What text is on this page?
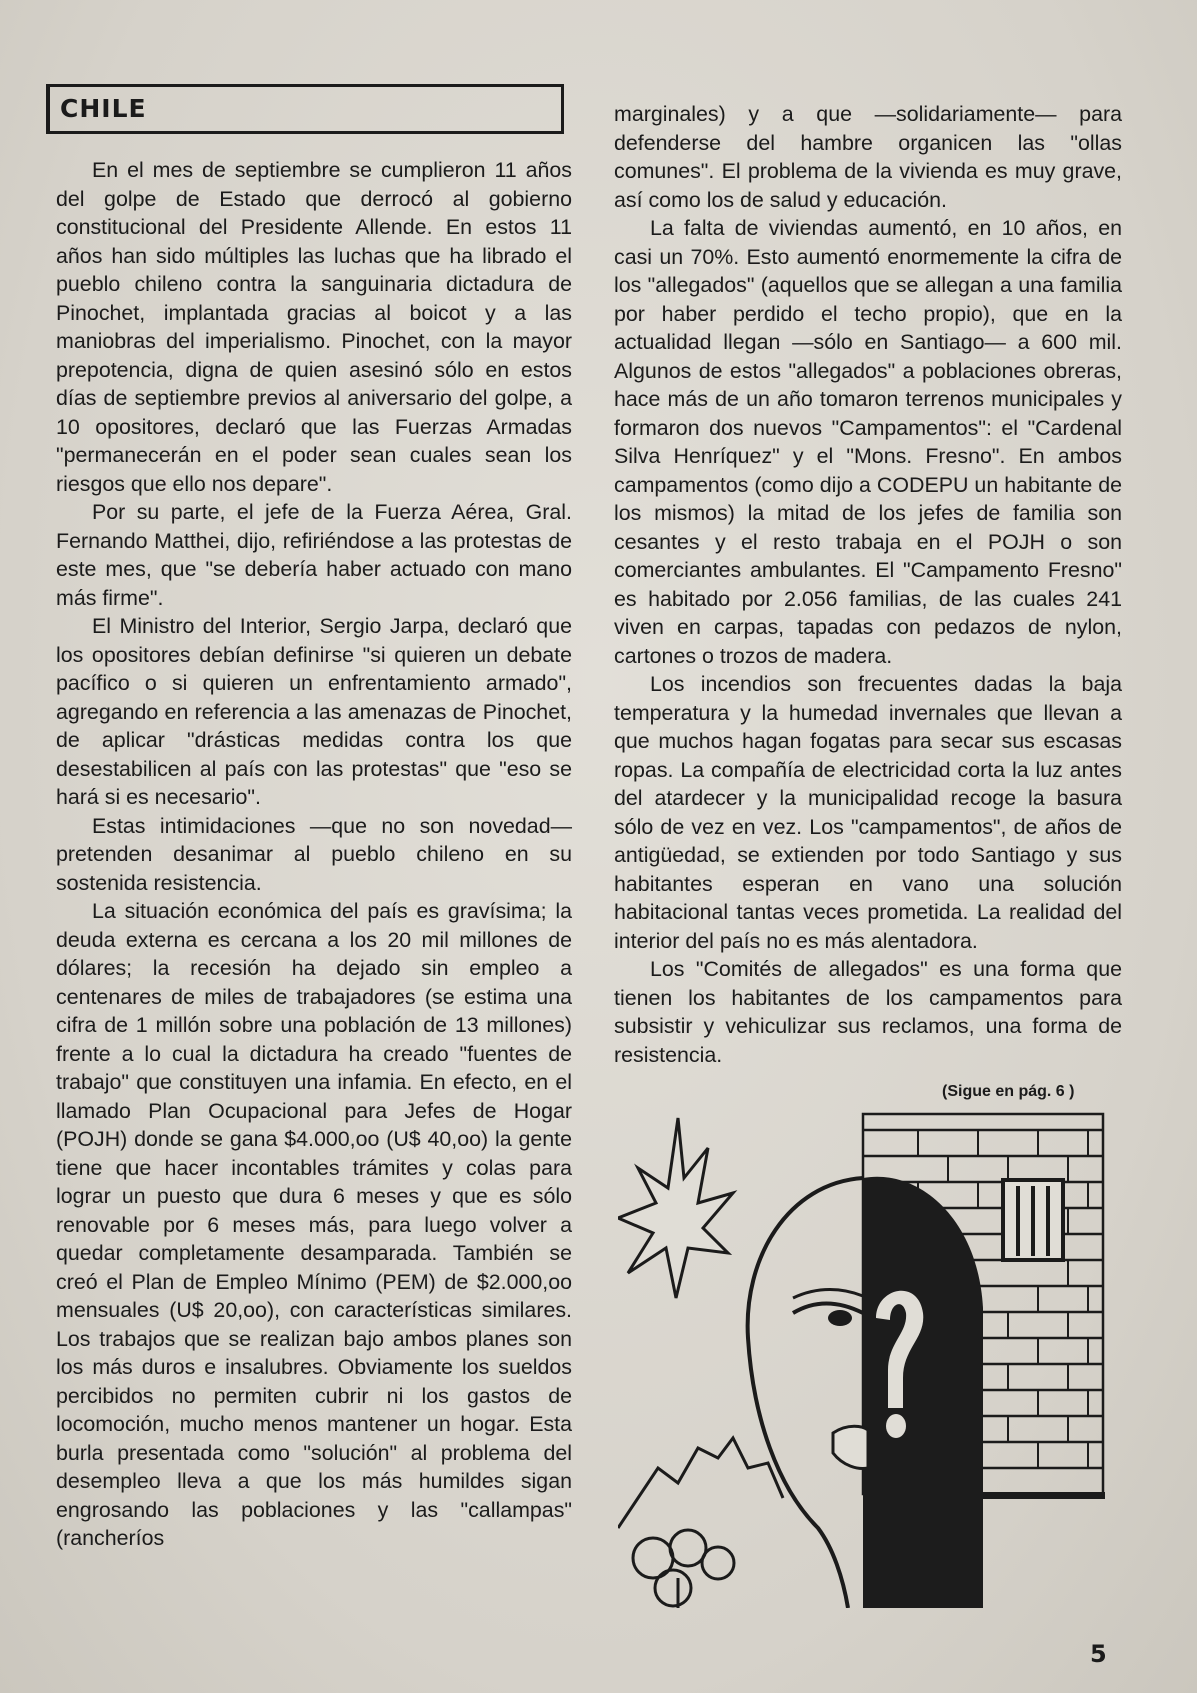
CHILE

En el mes de septiembre se cumplieron 11 años del golpe de Estado que derrocó al gobierno constitucional del Presidente Allende. En estos 11 años han sido múltiples las luchas que ha librado el pueblo chileno contra la sanguinaria dictadura de Pinochet, implantada gracias al boicot y a las maniobras del imperialismo. Pinochet, con la mayor prepotencia, digna de quien asesinó sólo en estos días de septiembre previos al aniversario del golpe, a 10 opositores, declaró que las Fuerzas Armadas "permanecerán en el poder sean cuales sean los riesgos que ello nos depare".

Por su parte, el jefe de la Fuerza Aérea, Gral. Fernando Matthei, dijo, refiriéndose a las protestas de este mes, que "se debería haber actuado con mano más firme".

El Ministro del Interior, Sergio Jarpa, declaró que los opositores debían definirse "si quieren un debate pacífico o si quieren un enfrentamiento armado", agregando en referencia a las amenazas de Pinochet, de aplicar "drásticas medidas contra los que desestabilicen al país con las protestas" que "eso se hará si es necesario".

Estas intimidaciones —que no son novedad— pretenden desanimar al pueblo chileno en su sostenida resistencia.

La situación económica del país es gravísima; la deuda externa es cercana a los 20 mil millones de dólares; la recesión ha dejado sin empleo a centenares de miles de trabajadores (se estima una cifra de 1 millón sobre una población de 13 millones) frente a lo cual la dictadura ha creado "fuentes de trabajo" que constituyen una infamia. En efecto, en el llamado Plan Ocupacional para Jefes de Hogar (POJH) donde se gana $4.000,oo (U$ 40,oo) la gente tiene que hacer incontables trámites y colas para lograr un puesto que dura 6 meses y que es sólo renovable por 6 meses más, para luego volver a quedar completamente desamparada. También se creó el Plan de Empleo Mínimo (PEM) de $2.000,oo mensuales (U$ 20,oo), con características similares. Los trabajos que se realizan bajo ambos planes son los más duros e insalubres. Obviamente los sueldos percibidos no permiten cubrir ni los gastos de locomoción, mucho menos mantener un hogar. Esta burla presentada como "solución" al problema del desempleo lleva a que los más humildes sigan engrosando las poblaciones y las "callampas" (rancheríos

marginales) y a que —solidariamente— para defenderse del hambre organicen las "ollas comunes". El problema de la vivienda es muy grave, así como los de salud y educación.

La falta de viviendas aumentó, en 10 años, en casi un 70%. Esto aumentó enormemente la cifra de los "allegados" (aquellos que se allegan a una familia por haber perdido el techo propio), que en la actualidad llegan —sólo en Santiago— a 600 mil. Algunos de estos "allegados" a poblaciones obreras, hace más de un año tomaron terrenos municipales y formaron dos nuevos "Campamentos": el "Cardenal Silva Henríquez" y el "Mons. Fresno". En ambos campamentos (como dijo a CODEPU un habitante de los mismos) la mitad de los jefes de familia son cesantes y el resto trabaja en el POJH o son comerciantes ambulantes. El "Campamento Fresno" es habitado por 2.056 familias, de las cuales 241 viven en carpas, tapadas con pedazos de nylon, cartones o trozos de madera.

Los incendios son frecuentes dadas la baja temperatura y la humedad invernales que llevan a que muchos hagan fogatas para secar sus escasas ropas. La compañía de electricidad corta la luz antes del atardecer y la municipalidad recoge la basura sólo de vez en vez. Los "campamentos", de años de antigüedad, se extienden por todo Santiago y sus habitantes esperan en vano una solución habitacional tantas veces prometida. La realidad del interior del país no es más alentadora.

Los "Comités de allegados" es una forma que tienen los habitantes de los campamentos para subsistir y vehiculizar sus reclamos, una forma de resistencia.

(Sigue en pág. 6 )
5
